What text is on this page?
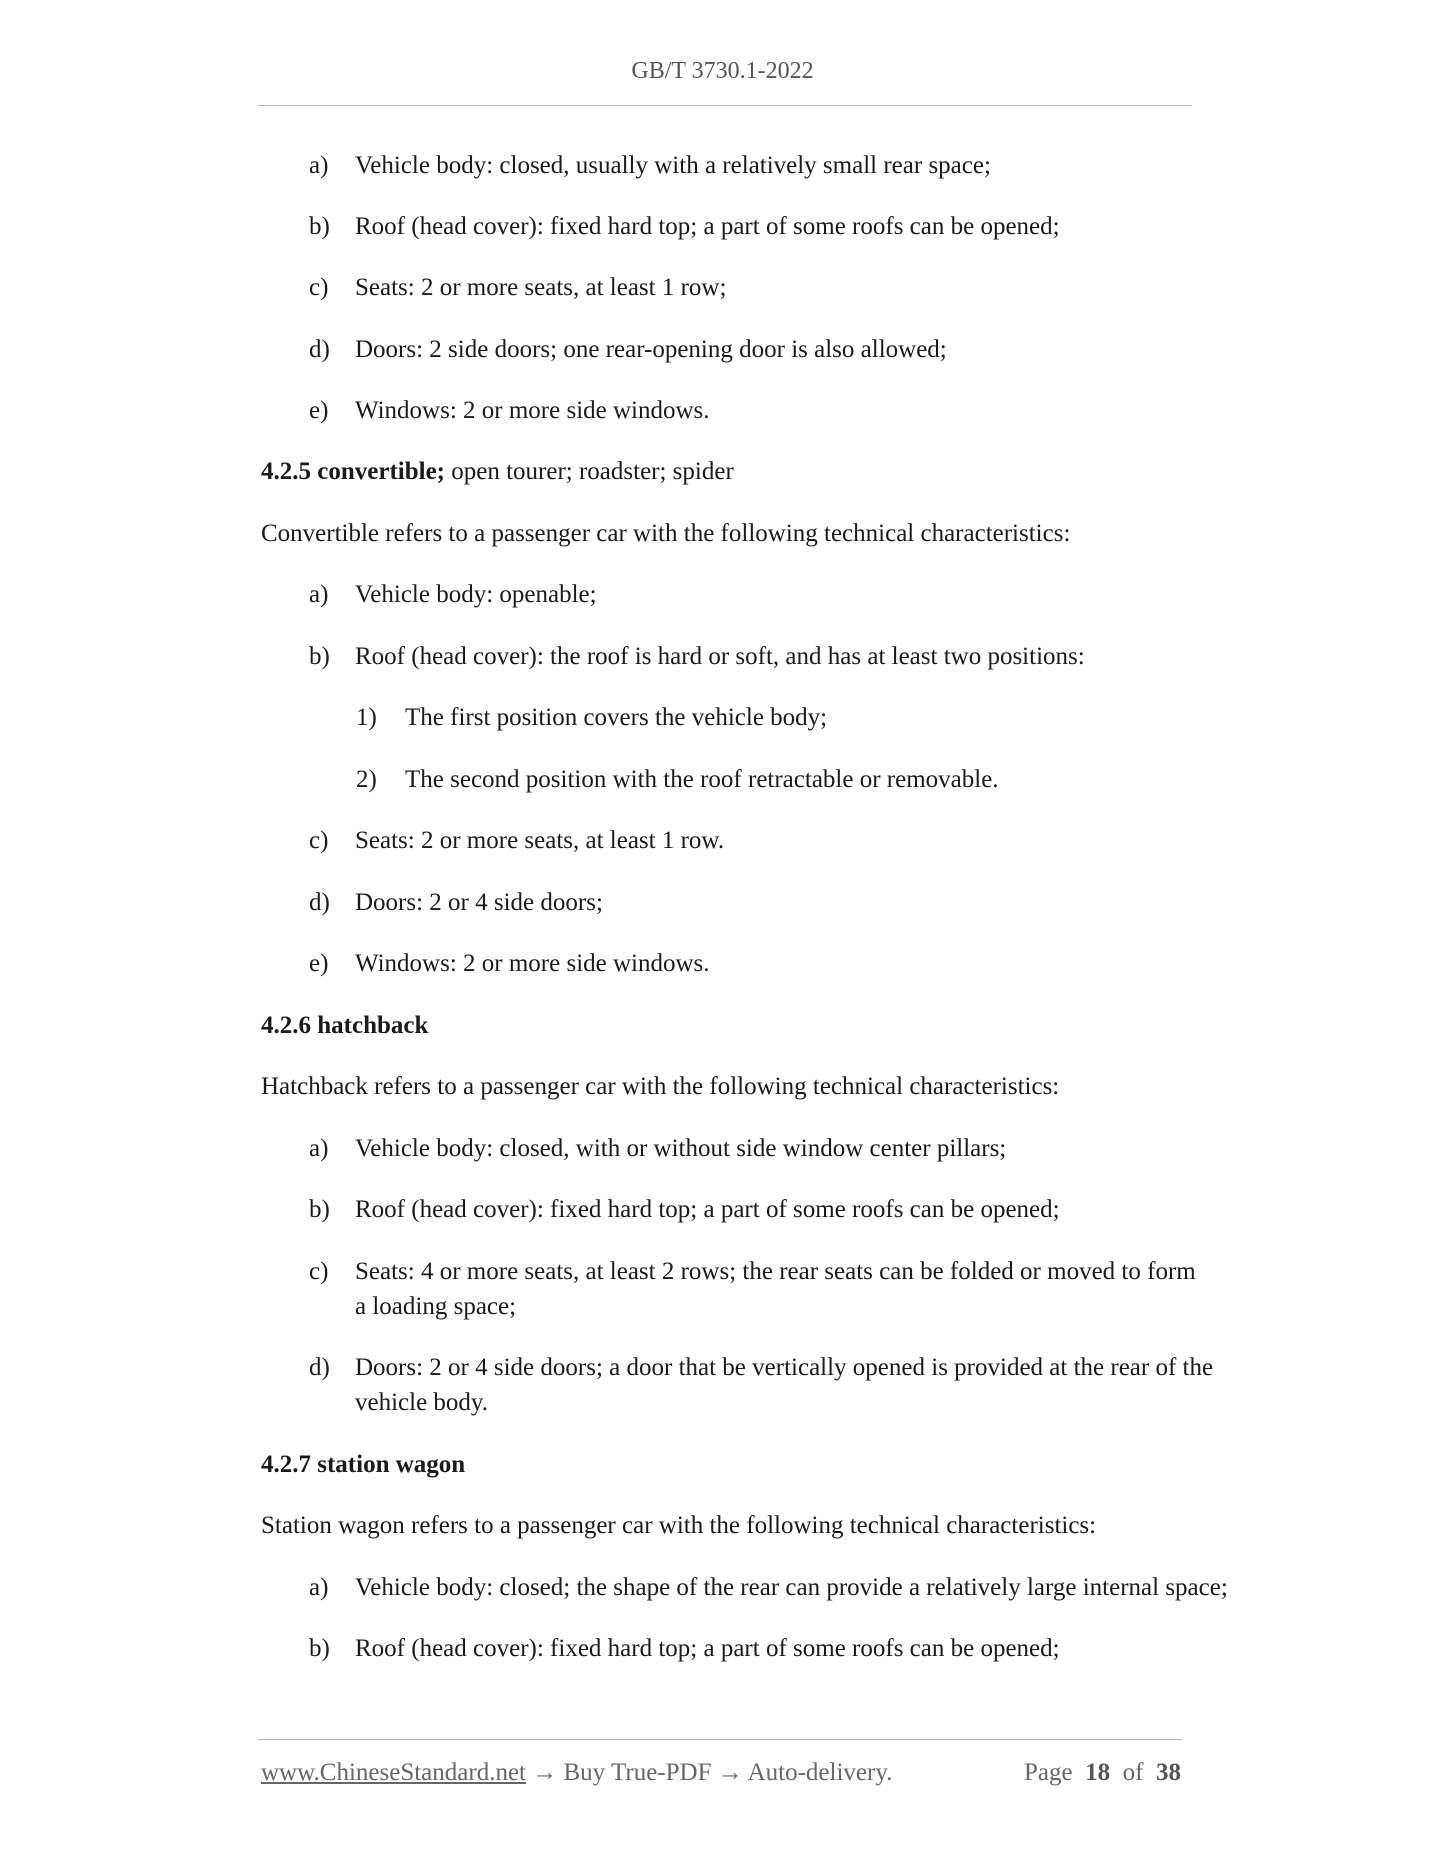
GB/T 3730.1-2022
a) Vehicle body: closed, usually with a relatively small rear space;
b) Roof (head cover): fixed hard top; a part of some roofs can be opened;
c) Seats: 2 or more seats, at least 1 row;
d) Doors: 2 side doors; one rear-opening door is also allowed;
e) Windows: 2 or more side windows.
4.2.5 convertible; open tourer; roadster; spider
Convertible refers to a passenger car with the following technical characteristics:
a) Vehicle body: openable;
b) Roof (head cover): the roof is hard or soft, and has at least two positions:
1) The first position covers the vehicle body;
2) The second position with the roof retractable or removable.
c) Seats: 2 or more seats, at least 1 row.
d) Doors: 2 or 4 side doors;
e) Windows: 2 or more side windows.
4.2.6 hatchback
Hatchback refers to a passenger car with the following technical characteristics:
a) Vehicle body: closed, with or without side window center pillars;
b) Roof (head cover): fixed hard top; a part of some roofs can be opened;
c) Seats: 4 or more seats, at least 2 rows; the rear seats can be folded or moved to form
a loading space;
d) Doors: 2 or 4 side doors; a door that be vertically opened is provided at the rear of the
vehicle body.
4.2.7 station wagon
Station wagon refers to a passenger car with the following technical characteristics:
a) Vehicle body: closed; the shape of the rear can provide a relatively large internal space;
b) Roof (head cover): fixed hard top; a part of some roofs can be opened;
www.ChineseStandard.net → Buy True-PDF → Auto-delivery.	Page 18 of 38
